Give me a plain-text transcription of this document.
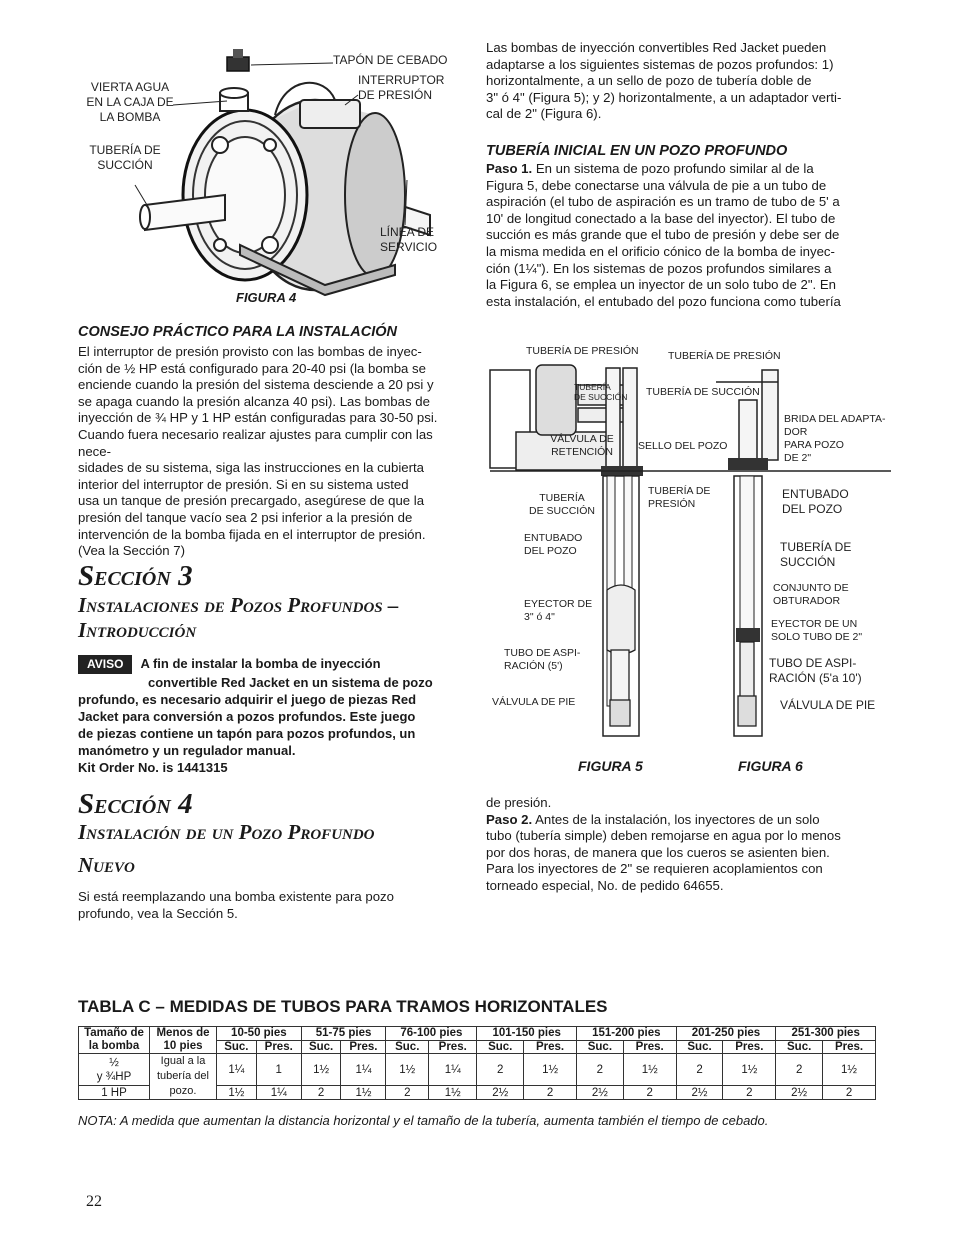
VIERTA AGUA
EN LA CAJA DE
LA BOMBA
TAPÓN DE CEBADO
INTERRUPTOR
DE PRESIÓN
TUBERÍA DE
SUCCIÓN
LÍNEA DE
SERVICIO
FIGURA 4
CONSEJO PRÁCTICO PARA LA INSTALACIÓN
El interruptor de presión provisto con las bombas de inyec-
ción de ½ HP está configurado para 20-40 psi (la bomba se
enciende cuando la presión del sistema desciende a 20 psi y
se apaga cuando la presión alcanza 40 psi). Las bombas de
inyección de ¾ HP y 1 HP están configuradas para 30-50 psi.
Cuando fuera necesario realizar ajustes para cumplir con las nece-
sidades de su sistema, siga las instrucciones en la cubierta
interior del interruptor de presión. Si en su sistema usted
usa un tanque de presión precargado, asegúrese de que la
presión del tanque vacío sea 2 psi inferior a la presión de
intervención de la bomba fijada en el interruptor de presión.
(Vea la Sección 7)
Sección 3
Instalaciones de Pozos Profundos –
Introducción
AVISO A fin de instalar la bomba de inyección
convertible Red Jacket en un sistema de pozo
profundo, es necesario adquirir el juego de piezas Red
Jacket para conversión a pozos profundos. Este juego
de piezas contiene un tapón para pozos profundos, un
manómetro y un regulador manual.
Kit Order No. is 1441315
Sección 4
Instalación de un Pozo Profundo
Nuevo
Si está reemplazando una bomba existente para pozo
profundo, vea la Sección 5.
Las bombas de inyección convertibles Red Jacket pueden
adaptarse a los siguientes sistemas de pozos profundos: 1)
horizontalmente, a un sello de pozo de tubería doble de
3" ó 4" (Figura 5); y 2) horizontalmente, a un adaptador verti-
cal de 2" (Figura 6).
TUBERÍA INICIAL EN UN POZO PROFUNDO
Paso 1. En un sistema de pozo profundo similar al de la
Figura 5, debe conectarse una válvula de pie a un tubo de
aspiración (el tubo de aspiración es un tramo de tubo de 5' a
10' de longitud conectado a la base del inyector). El tubo de
succión es más grande que el tubo de presión y debe ser de
la misma medida en el orificio cónico de la bomba de inyec-
ción (1¼"). En los sistemas de pozos profundos similares a
la Figura 6, se emplea un inyector de un solo tubo de 2". En
esta instalación, el entubado del pozo funciona como tubería
TUBERÍA DE PRESIÓN	TUBERÍA DE PRESIÓN
TUBERÍA
DE SUCCIÓN TUBERÍA DE SUCCIÓN
BRIDA DEL ADAPTA-
DOR
PARA POZO
DE 2"
VÁLVULA DE
RETENCIÓN	SELLO DEL POZO
TUBERÍA
DE SUCCIÓN
TUBERÍA DE
PRESIÓN
ENTUBADO
DEL POZO
ENTUBADO
DEL POZO	TUBERÍA DE
SUCCIÓN
CONJUNTO DE
OBTURADOR
EYECTOR DE
3" ó 4"
EYECTOR DE UN
SOLO TUBO DE 2"
TUBO DE ASPI-
RACIÓN (5')	TUBO DE ASPI-
RACIÓN (5'a 10')
VÁLVULA DE PIE	VÁLVULA DE PIE
FIGURA 5	FIGURA 6
de presión.
Paso 2. Antes de la instalación, los inyectores de un solo
tubo (tubería simple) deben remojarse en agua por lo menos
por dos horas, de manera que los cueros se asienten bien.
Para los inyectores de 2" se requieren acoplamientos con
torneado especial, No. de pedido 64655.
TABLA C – MEDIDAS DE TUBOS PARA TRAMOS HORIZONTALES
Tamaño de la bomba	Menos de 10 pies	10-50 pies		51-75 pies		76-100 pies		101-150 pies		151-200 pies		201-250 pies		251-300 pies	
		Suc.	Pres.	Suc.	Pres.	Suc.	Pres.	Suc.	Pres.	Suc.	Pres.	Suc.	Pres.	Suc.	Pres.
½
y ¾HP	Igual a la tubería del pozo.	1¼	1	1½	1¼	1½	1¼	2	1½	2	1½	2	1½	2	1½
1 HP		1½	1¼	2	1½	2	1½	2½	2	2½	2	2½	2	2½	2
NOTA: A medida que aumentan la distancia horizontal y el tamaño de la tubería, aumenta también el tiempo de cebado.
22
